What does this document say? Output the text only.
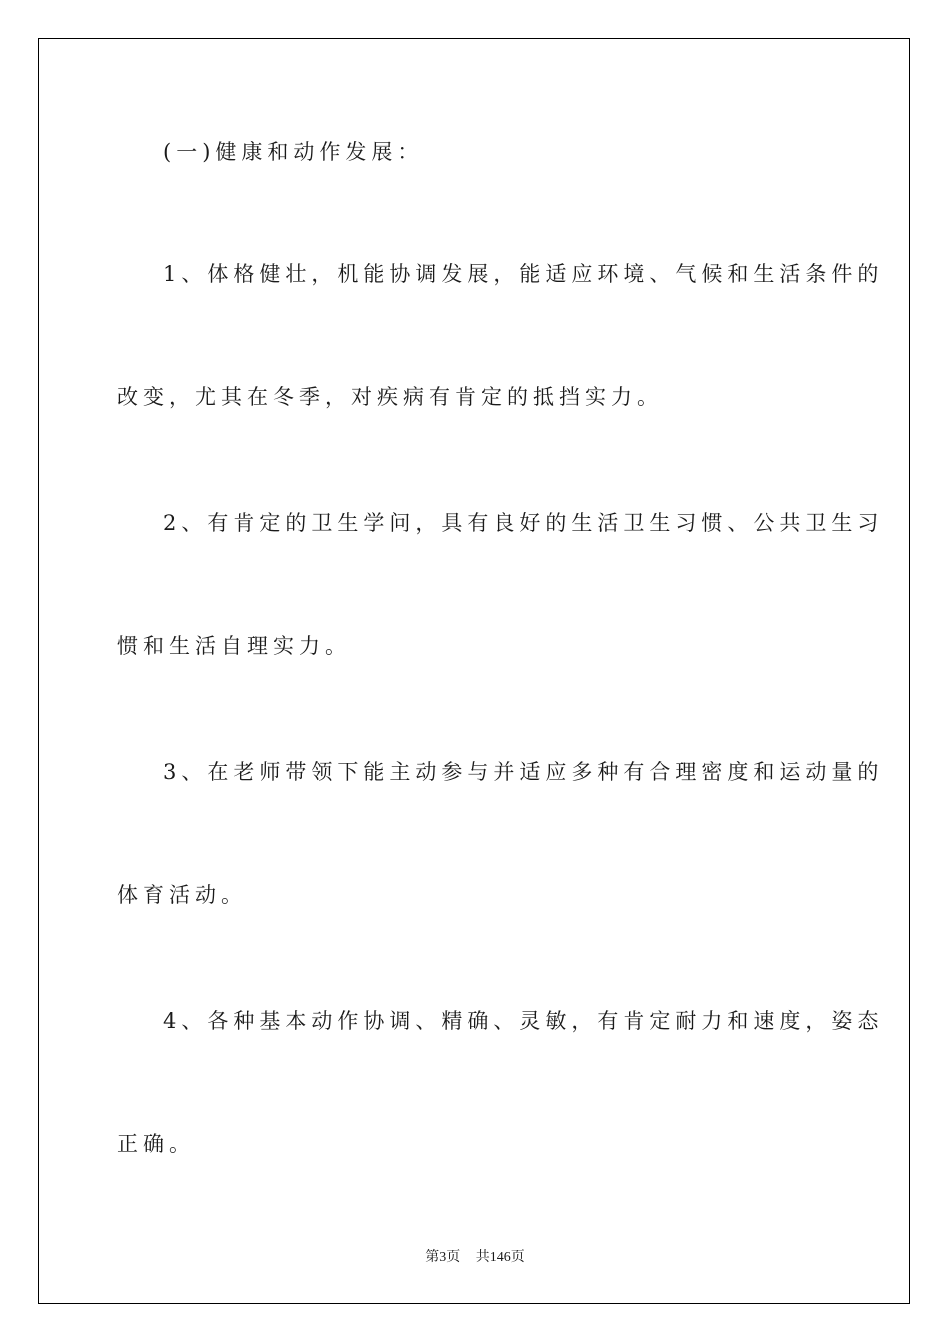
(一)健康和动作发展：
1、体格健壮，机能协调发展，能适应环境、气候和生活条件的
改变，尤其在冬季，对疾病有肯定的抵挡实力。
2、有肯定的卫生学问，具有良好的生活卫生习惯、公共卫生习
惯和生活自理实力。
3、在老师带领下能主动参与并适应多种有合理密度和运动量的
体育活动。
4、各种基本动作协调、精确、灵敏，有肯定耐力和速度，姿态
正确。
第3页 共146页
